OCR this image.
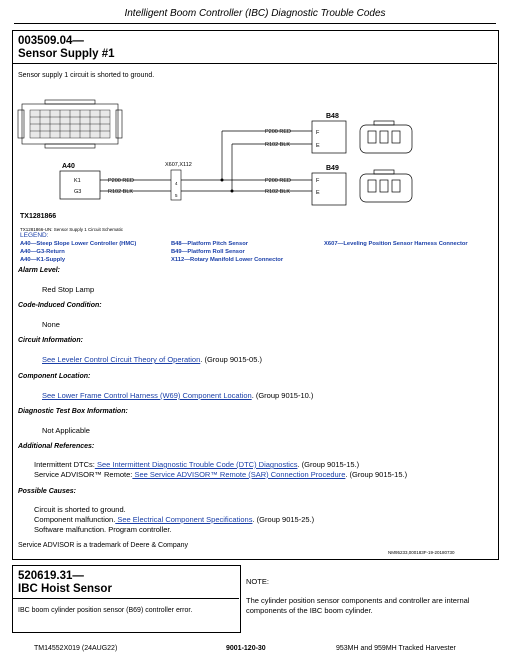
Intelligent Boom Controller (IBC) Diagnostic Trouble Codes
003509.04—
Sensor Supply #1
Sensor supply 1 circuit is shorted to ground.
B48
F
E
B49
F
E
A40
K1
G3
X607,X112
4
5
P200 RED
R102 BLK
P200 RED
R102 BLK
P200 RED
R102 BLK
TX1281866
TX1281866-UN: Sensor Supply 1 Circuit Schematic
LEGEND:
A40—Steep Slope Lower Controller (HMC)
A40—G3-Return
A40—K1-Supply
B48—Platform Pitch Sensor
B49—Platform Roll Sensor
X112—Rotary Manifold Lower Connector
X607—Leveling Position Sensor Harness Connector
Alarm Level:
Red Stop Lamp
Code-Induced Condition:
None
Circuit Information:
See Leveler Control Circuit Theory of Operation. (Group 9015-05.)
Component Location:
See Lower Frame Control Harness (W69) Component Location. (Group 9015-10.)
Diagnostic Test Box Information:
Not Applicable
Additional References:
Intermittent DTCs: See Intermittent Diagnostic Trouble Code (DTC) Diagnostics. (Group 9015-15.)
Service ADVISOR™ Remote: See Service ADVISOR™ Remote (SAR) Connection Procedure. (Group 9015-15.)
Possible Causes:
Circuit is shorted to ground.
Component malfunction. See Electrical Component Specifications. (Group 9015-25.)
Software malfunction. Program controller.
Service ADVISOR is a trademark of Deere & Company
NM95233,000183F-19-20180730
520619.31—
IBC Hoist Sensor
IBC boom cylinder position sensor (B69) controller error.
NOTE:
The cylinder position sensor components and controller are internal components of the IBC boom cylinder.
TM14552X019 (24AUG22)	9001-120-30	953MH and 959MH Tracked Harvester
